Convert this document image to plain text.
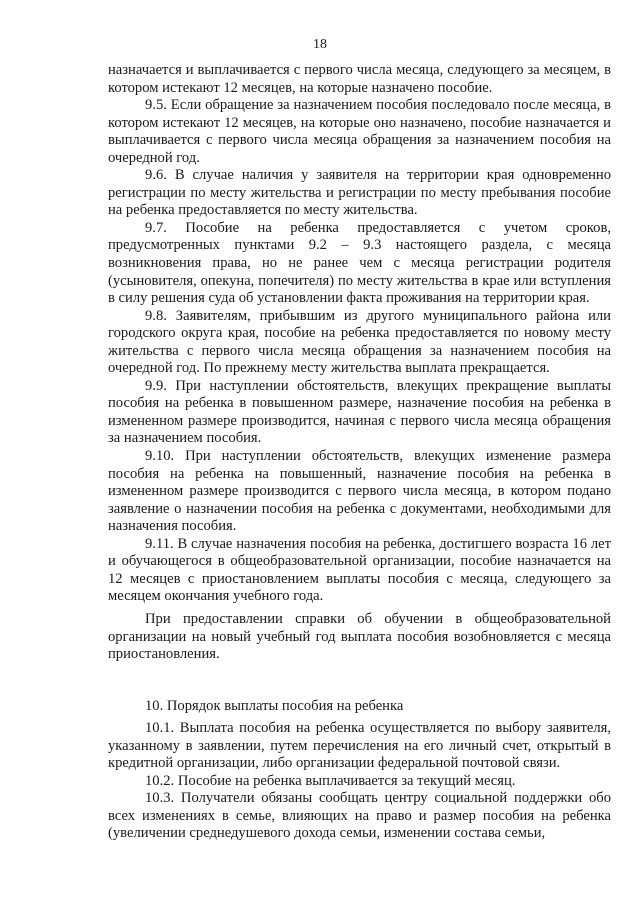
18

назначается и выплачивается с первого числа месяца, следующего за месяцем, в котором истекают 12 месяцев, на которые назначено пособие.

9.5. Если обращение за назначением пособия последовало после месяца, в котором истекают 12 месяцев, на которые оно назначено, пособие назначается и выплачивается с первого числа месяца обращения за назначением пособия на очередной год.

9.6. В случае наличия у заявителя на территории края одновременно регистрации по месту жительства и регистрации по месту пребывания пособие на ребенка предоставляется по месту жительства.

9.7. Пособие на ребенка предоставляется с учетом сроков, предусмотренных пунктами 9.2 – 9.3 настоящего раздела, с месяца возникновения права, но не ранее чем с месяца регистрации родителя (усыновителя, опекуна, попечителя) по месту жительства в крае или вступления в силу решения суда об установлении факта проживания на территории края.

9.8. Заявителям, прибывшим из другого муниципального района или городского округа края, пособие на ребенка предоставляется по новому месту жительства с первого числа месяца обращения за назначением пособия на очередной год. По прежнему месту жительства выплата прекращается.

9.9. При наступлении обстоятельств, влекущих прекращение выплаты пособия на ребенка в повышенном размере, назначение пособия на ребенка в измененном размере производится, начиная с первого числа месяца обращения за назначением пособия.

9.10. При наступлении обстоятельств, влекущих изменение размера пособия на ребенка на повышенный, назначение пособия на ребенка в измененном размере производится с первого числа месяца, в котором подано заявление о назначении пособия на ребенка с документами, необходимыми для назначения пособия.

9.11. В случае назначения пособия на ребенка, достигшего возраста 16 лет и обучающегося в общеобразовательной организации, пособие назначается на 12 месяцев с приостановлением выплаты пособия с месяца, следующего за месяцем окончания учебного года.

При предоставлении справки об обучении в общеобразовательной организации на новый учебный год выплата пособия возобновляется с месяца приостановления.

10. Порядок выплаты пособия на ребенка

10.1. Выплата пособия на ребенка осуществляется по выбору заявителя, указанному в заявлении, путем перечисления на его личный счет, открытый в кредитной организации, либо организации федеральной почтовой связи.

10.2. Пособие на ребенка выплачивается за текущий месяц.

10.3. Получатели обязаны сообщать центру социальной поддержки обо всех изменениях в семье, влияющих на право и размер пособия на ребенка (увеличении среднедушевого дохода семьи, изменении состава семьи,
